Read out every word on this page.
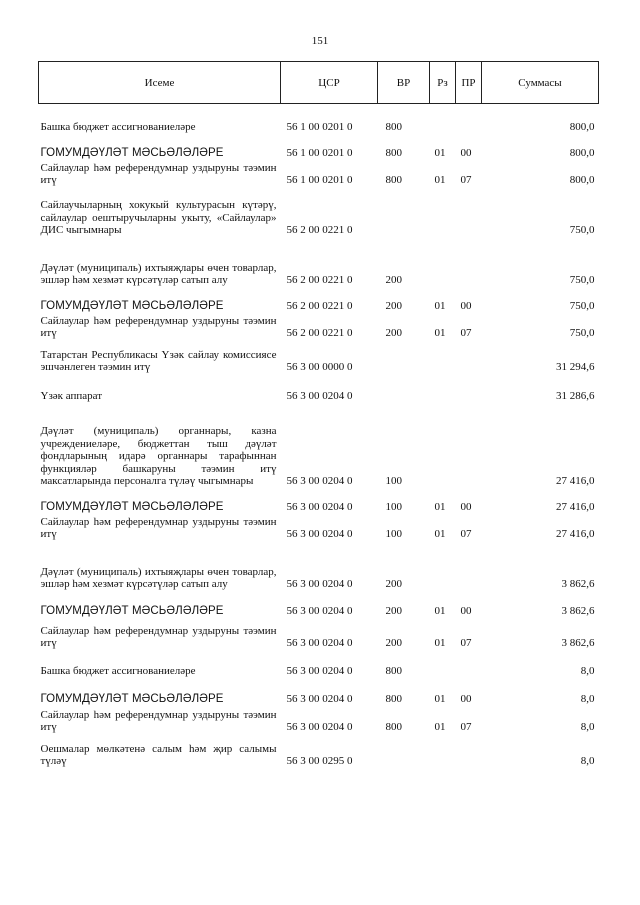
151
Исеме	ЦСР	ВР	Рз	ПР	Суммасы
Башка бюджет ассигнованиеләре	56 1 00 0201 0	800			800,0
ГОМУМДӘҮЛӘТ МӘСЬӘЛӘЛӘРЕ	56 1 00 0201 0	800	01	00	800,0
Сайлаулар һәм референдумнар уздыруны тәэмин итү	56 1 00 0201 0	800	01	07	800,0
Сайлаучыларның хокукый культурасын күтәрү, сайлаулар оештыручыларны укыту, «Сайлаулар» ДИС чыгымнары	56 2 00 0221 0				750,0
Дәүләт (муниципаль) ихтыяҗлары өчен товарлар, эшләр һәм хезмәт күрсәтүләр сатып алу	56 2 00 0221 0	200			750,0
ГОМУМДӘҮЛӘТ МӘСЬӘЛӘЛӘРЕ	56 2 00 0221 0	200	01	00	750,0
Сайлаулар һәм референдумнар уздыруны тәэмин итү	56 2 00 0221 0	200	01	07	750,0
Татарстан Республикасы Үзәк сайлау комиссиясе эшчәнлеген тәэмин итү	56 3 00 0000 0				31 294,6
Үзәк аппарат	56 3 00 0204 0				31 286,6
Дәүләт (муниципаль) органнары, казна учреждениеләре, бюджеттан тыш дәүләт фондларының идарә органнары тарафыннан функцияләр башкаруны тәэмин итү максатларында персоналга түләү чыгымнары	56 3 00 0204 0	100			27 416,0
ГОМУМДӘҮЛӘТ МӘСЬӘЛӘЛӘРЕ	56 3 00 0204 0	100	01	00	27 416,0
Сайлаулар һәм референдумнар уздыруны тәэмин итү	56 3 00 0204 0	100	01	07	27 416,0
Дәүләт (муниципаль) ихтыяҗлары өчен товарлар, эшләр һәм хезмәт күрсәтүләр сатып алу	56 3 00 0204 0	200			3 862,6
ГОМУМДӘҮЛӘТ МӘСЬӘЛӘЛӘРЕ	56 3 00 0204 0	200	01	00	3 862,6
Сайлаулар һәм референдумнар уздыруны тәэмин итү	56 3 00 0204 0	200	01	07	3 862,6
Башка бюджет ассигнованиеләре	56 3 00 0204 0	800			8,0
ГОМУМДӘҮЛӘТ МӘСЬӘЛӘЛӘРЕ	56 3 00 0204 0	800	01	00	8,0
Сайлаулар һәм референдумнар уздыруны тәэмин итү	56 3 00 0204 0	800	01	07	8,0
Оешмалар мөлкәтенә салым һәм җир салымы түләү	56 3 00 0295 0				8,0
